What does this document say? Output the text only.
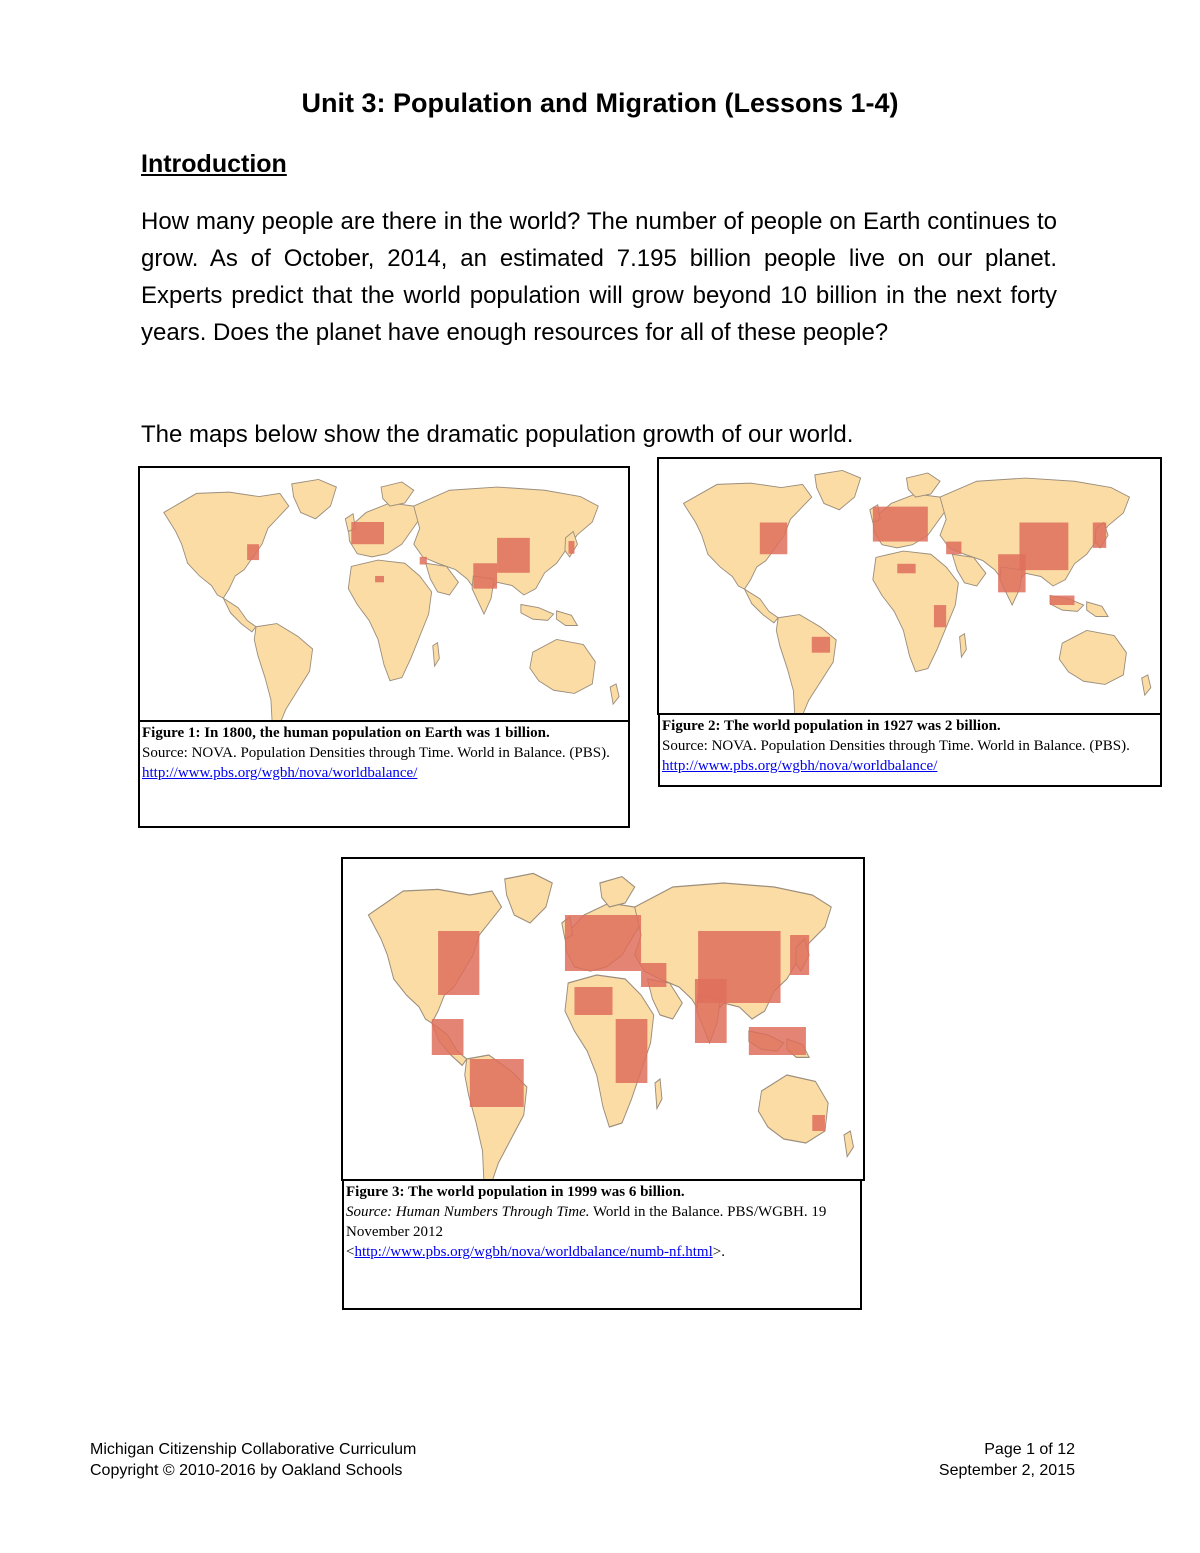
Unit 3: Population and Migration (Lessons 1-4)
Introduction
How many people are there in the world? The number of people on Earth continues to grow. As of October, 2014, an estimated 7.195 billion people live on our planet. Experts predict that the world population will grow beyond 10 billion in the next forty years. Does the planet have enough resources for all of these people?
The maps below show the dramatic population growth of our world.
Figure 1: In 1800, the human population on Earth was 1 billion.
Source: NOVA. Population Densities through Time. World in Balance. (PBS).
http://www.pbs.org/wgbh/nova/worldbalance/
Figure 2: The world population in 1927 was 2 billion.
Source: NOVA. Population Densities through Time. World in Balance. (PBS). http://www.pbs.org/wgbh/nova/worldbalance/
Figure 3: The world population in 1999 was 6 billion.
Source: Human Numbers Through Time. World in the Balance. PBS/WGBH. 19 November 2012
<http://www.pbs.org/wgbh/nova/worldbalance/numb-nf.html>.
Michigan Citizenship Collaborative Curriculum
Copyright © 2010-2016 by Oakland Schools
Page 1 of 12
September 2, 2015
